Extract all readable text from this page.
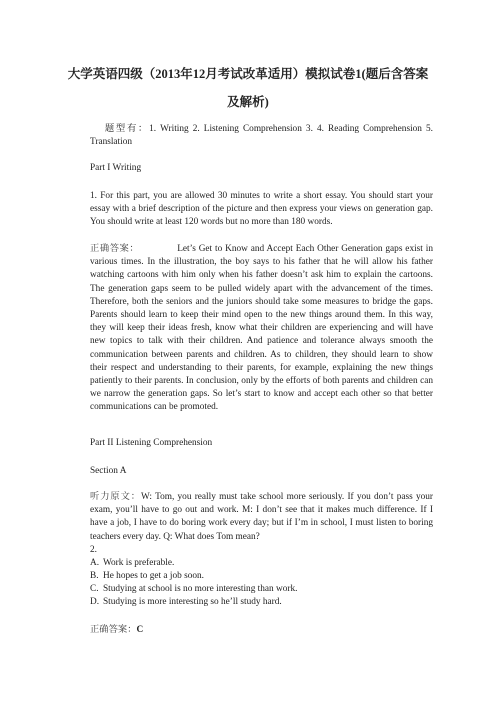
大学英语四级（2013年12月考试改革适用）模拟试卷1(题后含答案
及解析)

题型有：1. Writing 2. Listening Comprehension 3. 4. Reading Comprehension 5. Translation

Part I Writing

1. For this part, you are allowed 30 minutes to write a short essay. You should start your essay with a brief description of the picture and then express your views on generation gap. You should write at least 120 words but no more than 180 words.

正确答案：	Let’s Get to Know and Accept Each Other Generation gaps exist in various times. In the illustration, the boy says to his father that he will allow his father watching cartoons with him only when his father doesn’t ask him to explain the cartoons. The generation gaps seem to be pulled widely apart with the advancement of the times. Therefore, both the seniors and the juniors should take some measures to bridge the gaps. Parents should learn to keep their mind open to the new things around them. In this way, they will keep their ideas fresh, know what their children are experiencing and will have new topics to talk with their children. And patience and tolerance always smooth the communication between parents and children. As to children, they should learn to show their respect and understanding to their parents, for example, explaining the new things patiently to their parents. In conclusion, only by the efforts of both parents and children can we narrow the generation gaps. So let’s start to know and accept each other so that better communications can be promoted.

Part II Listening Comprehension

Section A

听力原文：W: Tom, you really must take school more seriously. If you don’t pass your exam, you’ll have to go out and work. M: I don’t see that it makes much difference. If I have a job, I have to do boring work every day; but if I’m in school, I must listen to boring teachers every day. Q: What does Tom mean?

2.
A. Work is preferable.
B. He hopes to get a job soon.
C. Studying at school is no more interesting than work.
D. Studying is more interesting so he’ll study hard.
正确答案：C
